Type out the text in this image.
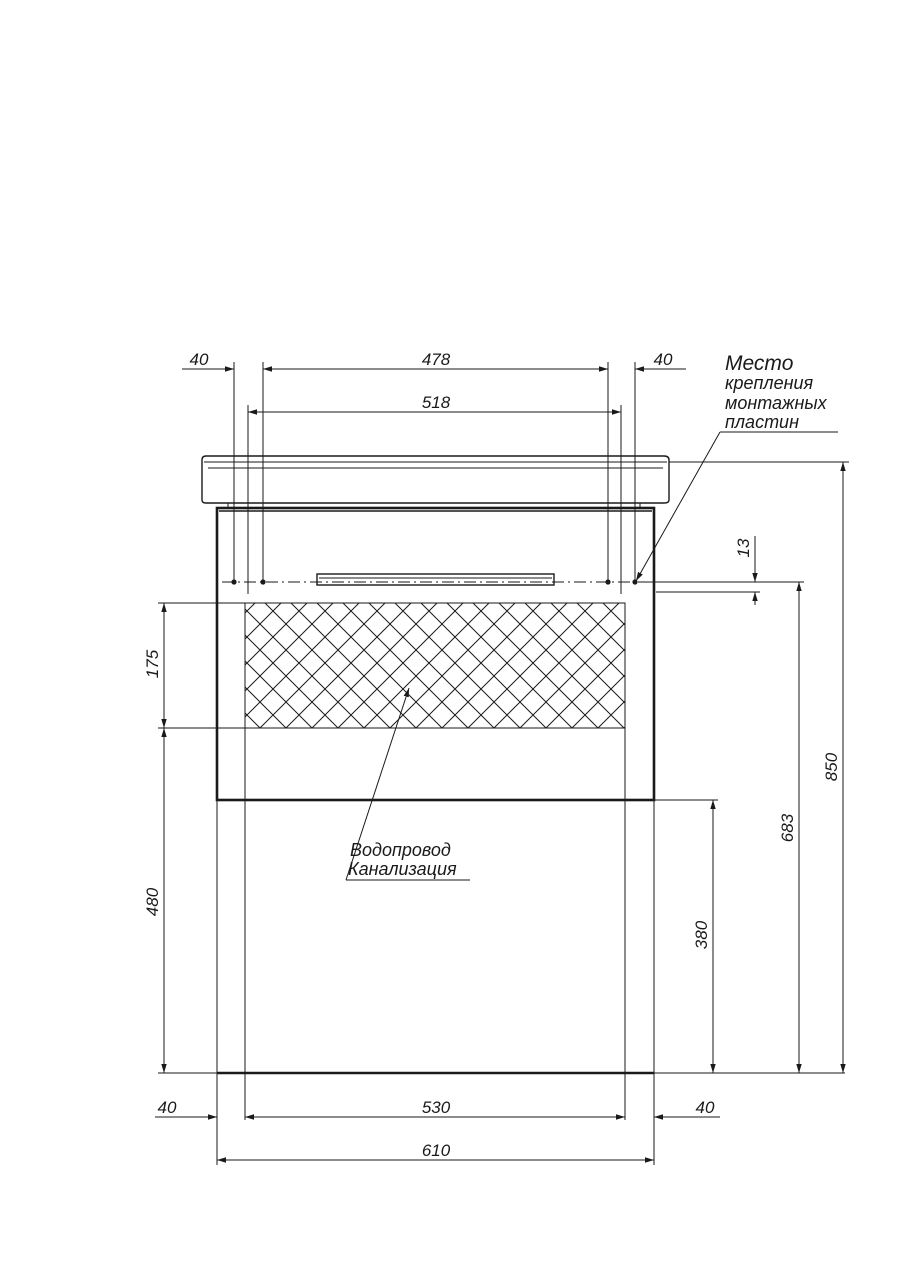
40	478	40
518
Место
крепления
монтажных
пластин
13
175
480
380
683
850
Водопровод
Канализация
40	530	40
610
